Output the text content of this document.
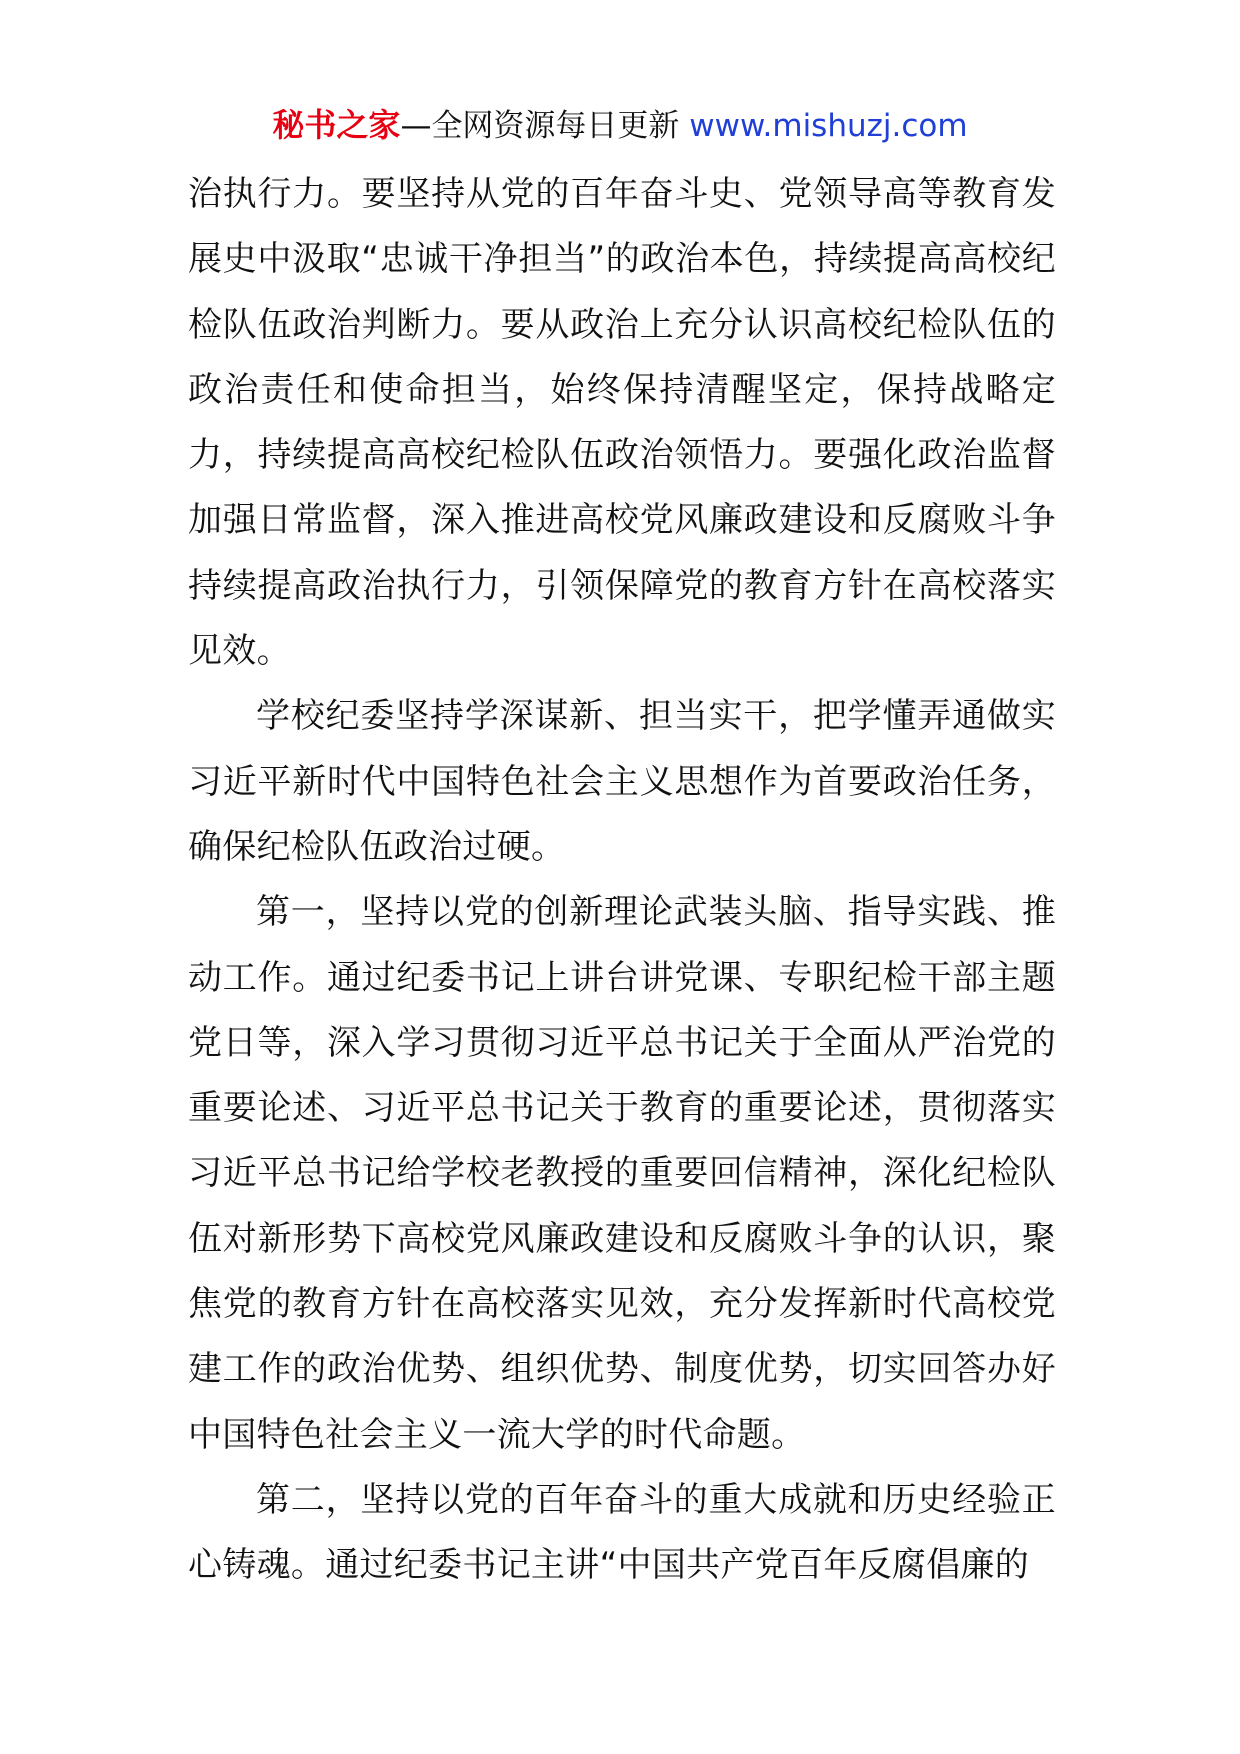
秘书之家—全网资源每日更新 www.mishuzj.com

治执行力。要坚持从党的百年奋斗史、党领导高等教育发展史中汲取“忠诚干净担当”的政治本色，持续提高高校纪检队伍政治判断力。要从政治上充分认识高校纪检队伍的政治责任和使命担当，始终保持清醒坚定，保持战略定力，持续提高高校纪检队伍政治领悟力。要强化政治监督加强日常监督，深入推进高校党风廉政建设和反腐败斗争持续提高政治执行力，引领保障党的教育方针在高校落实见效。

学校纪委坚持学深谋新、担当实干，把学懂弄通做实习近平新时代中国特色社会主义思想作为首要政治任务，确保纪检队伍政治过硬。

第一，坚持以党的创新理论武装头脑、指导实践、推动工作。通过纪委书记上讲台讲党课、专职纪检干部主题党日等，深入学习贯彻习近平总书记关于全面从严治党的重要论述、习近平总书记关于教育的重要论述，贯彻落实习近平总书记给学校老教授的重要回信精神，深化纪检队伍对新形势下高校党风廉政建设和反腐败斗争的认识，聚焦党的教育方针在高校落实见效，充分发挥新时代高校党建工作的政治优势、组织优势、制度优势，切实回答办好中国特色社会主义一流大学的时代命题。

第二，坚持以党的百年奋斗的重大成就和历史经验正心铸魂。通过纪委书记主讲“中国共产党百年反腐倡廉的
